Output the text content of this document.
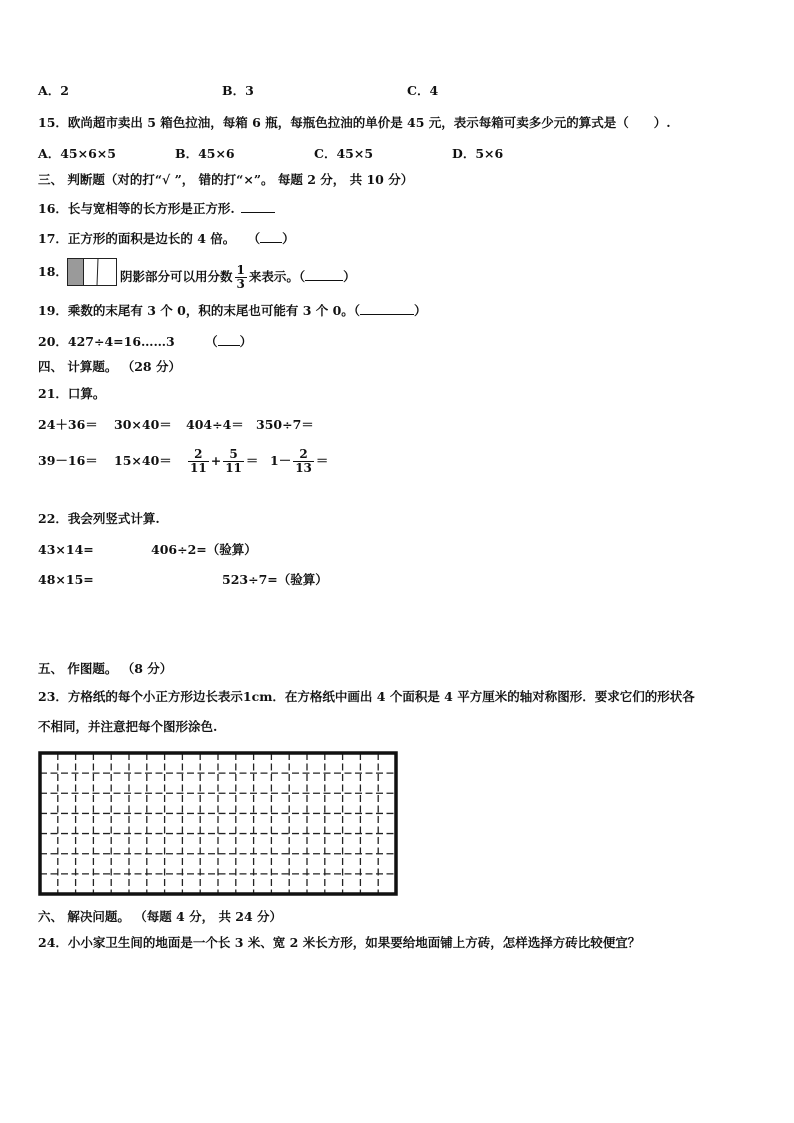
A．2	B．3	C．4
15．欧尚超市卖出 5 箱色拉油，每箱 6 瓶，每瓶色拉油的单价是 45 元，表示每箱可卖多少元的算式是（　　）.
A．45×6×5	B．45×6	C．45×5	D．5×6
三、 判断题（对的打“√ ”， 错的打“×”。 每题 2 分， 共 10 分）
16．长与宽相等的长方形是正方形.
17．正方形的面积是边长的 4 倍。 （ ）
18．	阴影部分可以用分数 $\frac{1}{3}$ 来表示。（	）
19．乘数的末尾有 3 个 0，积的末尾也可能有 3 个 0。（	）
20．427÷4=16……3 （ ）
四、 计算题。 （28 分）
21．口算。
24＋36＝ 30×40＝ 404÷4＝ 350÷7＝
$39-16= 15\times 40= \frac{2}{11} + \frac{5}{11} = 1- \frac{2}{13}$ ＝
22．我会列竖式计算.
43×14=	406÷2=（验算）
48×15=	523÷7=（验算）
五、 作图题。 （8 分）
23．方格纸的每个小正方形边长表示1cm．在方格纸中画出 4 个面积是 4 平方厘米的轴对称图形．要求它们的形状各
不相同，并注意把每个图形涂色.
六、 解决问题。 （每题 4 分， 共 24 分）
24．小小家卫生间的地面是一个长 3 米、宽 2 米长方形，如果要给地面铺上方砖，怎样选择方砖比较便宜？
